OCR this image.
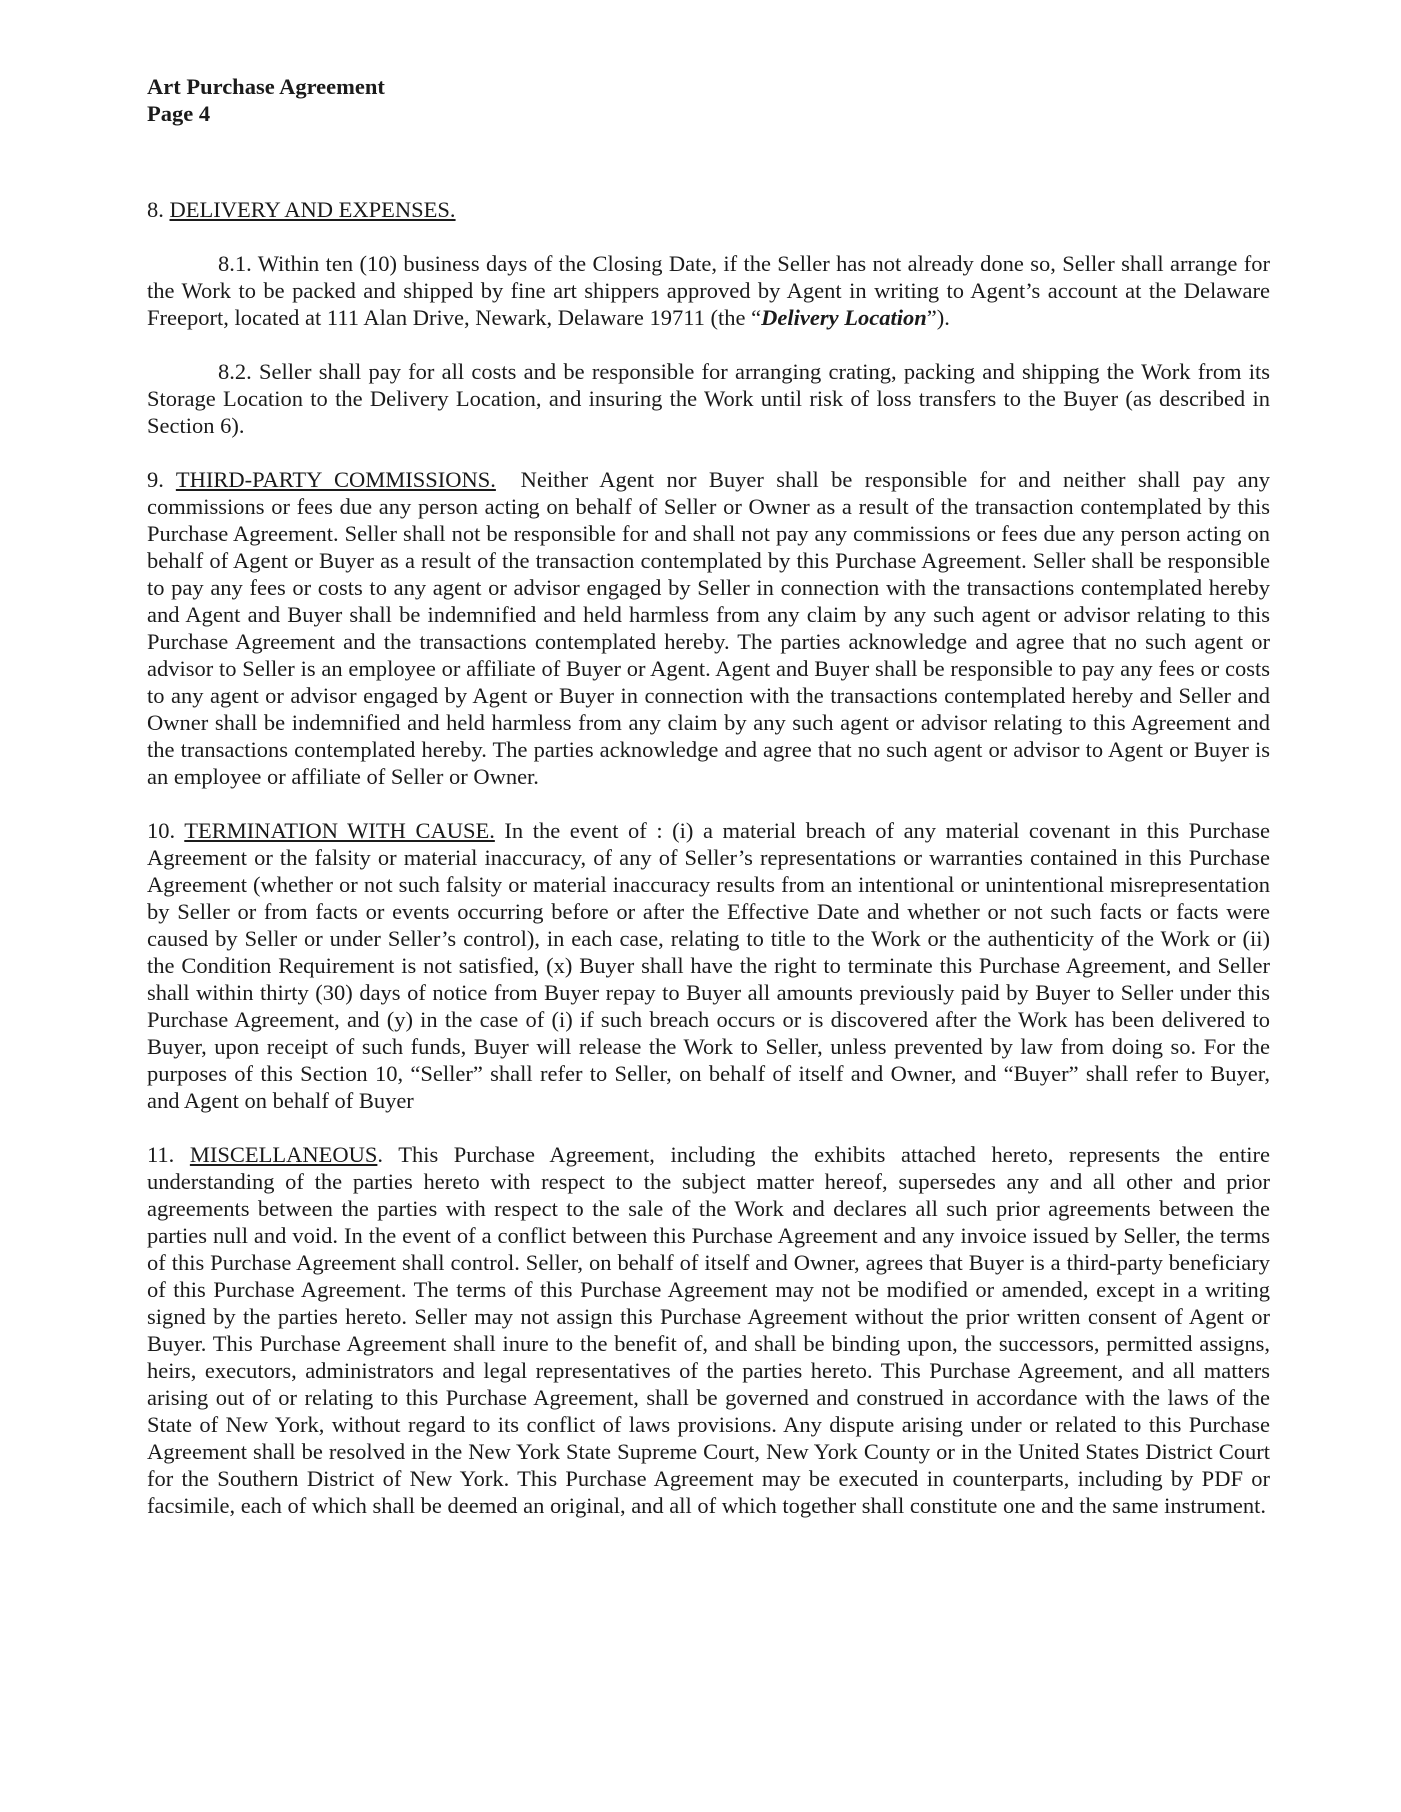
Art Purchase Agreement
Page 4

8. DELIVERY AND EXPENSES.

8.1. Within ten (10) business days of the Closing Date, if the Seller has not already done so, Seller shall arrange for the Work to be packed and shipped by fine art shippers approved by Agent in writing to Agent’s account at the Delaware Freeport, located at 111 Alan Drive, Newark, Delaware 19711 (the “Delivery Location”).

8.2. Seller shall pay for all costs and be responsible for arranging crating, packing and shipping the Work from its Storage Location to the Delivery Location, and insuring the Work until risk of loss transfers to the Buyer (as described in Section 6).

9. THIRD-PARTY COMMISSIONS. Neither Agent nor Buyer shall be responsible for and neither shall pay any commissions or fees due any person acting on behalf of Seller or Owner as a result of the transaction contemplated by this Purchase Agreement. Seller shall not be responsible for and shall not pay any commissions or fees due any person acting on behalf of Agent or Buyer as a result of the transaction contemplated by this Purchase Agreement. Seller shall be responsible to pay any fees or costs to any agent or advisor engaged by Seller in connection with the transactions contemplated hereby and Agent and Buyer shall be indemnified and held harmless from any claim by any such agent or advisor relating to this Purchase Agreement and the transactions contemplated hereby. The parties acknowledge and agree that no such agent or advisor to Seller is an employee or affiliate of Buyer or Agent. Agent and Buyer shall be responsible to pay any fees or costs to any agent or advisor engaged by Agent or Buyer in connection with the transactions contemplated hereby and Seller and Owner shall be indemnified and held harmless from any claim by any such agent or advisor relating to this Agreement and the transactions contemplated hereby. The parties acknowledge and agree that no such agent or advisor to Agent or Buyer is an employee or affiliate of Seller or Owner.

10. TERMINATION WITH CAUSE. In the event of : (i) a material breach of any material covenant in this Purchase Agreement or the falsity or material inaccuracy, of any of Seller’s representations or warranties contained in this Purchase Agreement (whether or not such falsity or material inaccuracy results from an intentional or unintentional misrepresentation by Seller or from facts or events occurring before or after the Effective Date and whether or not such facts or facts were caused by Seller or under Seller’s control), in each case, relating to title to the Work or the authenticity of the Work or (ii) the Condition Requirement is not satisfied, (x) Buyer shall have the right to terminate this Purchase Agreement, and Seller shall within thirty (30) days of notice from Buyer repay to Buyer all amounts previously paid by Buyer to Seller under this Purchase Agreement, and (y) in the case of (i) if such breach occurs or is discovered after the Work has been delivered to Buyer, upon receipt of such funds, Buyer will release the Work to Seller, unless prevented by law from doing so. For the purposes of this Section 10, “Seller” shall refer to Seller, on behalf of itself and Owner, and “Buyer” shall refer to Buyer, and Agent on behalf of Buyer

11. MISCELLANEOUS. This Purchase Agreement, including the exhibits attached hereto, represents the entire understanding of the parties hereto with respect to the subject matter hereof, supersedes any and all other and prior agreements between the parties with respect to the sale of the Work and declares all such prior agreements between the parties null and void. In the event of a conflict between this Purchase Agreement and any invoice issued by Seller, the terms of this Purchase Agreement shall control. Seller, on behalf of itself and Owner, agrees that Buyer is a third-party beneficiary of this Purchase Agreement. The terms of this Purchase Agreement may not be modified or amended, except in a writing signed by the parties hereto. Seller may not assign this Purchase Agreement without the prior written consent of Agent or Buyer. This Purchase Agreement shall inure to the benefit of, and shall be binding upon, the successors, permitted assigns, heirs, executors, administrators and legal representatives of the parties hereto. This Purchase Agreement, and all matters arising out of or relating to this Purchase Agreement, shall be governed and construed in accordance with the laws of the State of New York, without regard to its conflict of laws provisions. Any dispute arising under or related to this Purchase Agreement shall be resolved in the New York State Supreme Court, New York County or in the United States District Court for the Southern District of New York. This Purchase Agreement may be executed in counterparts, including by PDF or facsimile, each of which shall be deemed an original, and all of which together shall constitute one and the same instrument.
